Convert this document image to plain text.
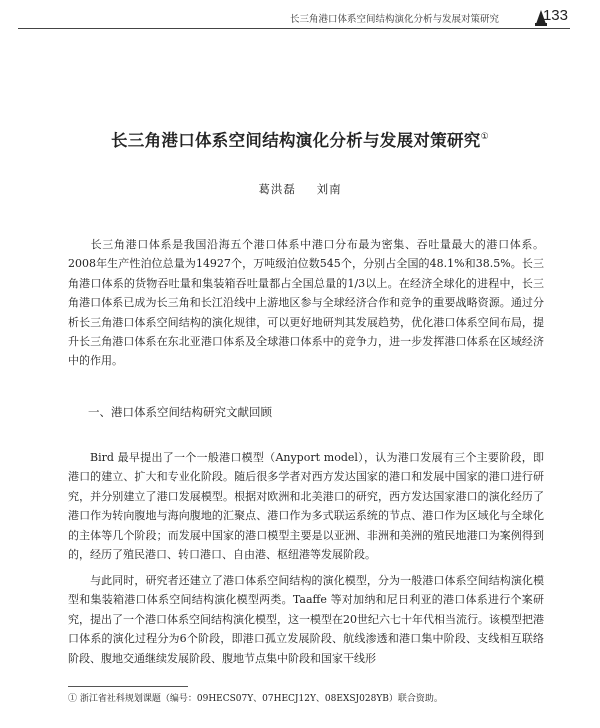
长三角港口体系空间结构演化分析与发展对策研究	133
长三角港口体系空间结构演化分析与发展对策研究①
葛洪磊 刘南

长三角港口体系是我国沿海五个港口体系中港口分布最为密集、吞吐量最大的港口体系。2008年生产性泊位总量为14927个，万吨级泊位数545个，分别占全国的48.1%和38.5%。长三角港口体系的货物吞吐量和集装箱吞吐量都占全国总量的1/3以上。在经济全球化的进程中，长三角港口体系已成为长三角和长江沿线中上游地区参与全球经济合作和竞争的重要战略资源。通过分析长三角港口体系空间结构的演化规律，可以更好地研判其发展趋势，优化港口体系空间布局，提升长三角港口体系在东北亚港口体系及全球港口体系中的竞争力，进一步发挥港口体系在区域经济中的作用。

一、港口体系空间结构研究文献回顾

Bird 最早提出了一个一般港口模型（Anyport model），认为港口发展有三个主要阶段，即港口的建立、扩大和专业化阶段。随后很多学者对西方发达国家的港口和发展中国家的港口进行研究，并分别建立了港口发展模型。根据对欧洲和北美港口的研究，西方发达国家港口的演化经历了港口作为转向腹地与海向腹地的汇聚点、港口作为多式联运系统的节点、港口作为区域化与全球化的主体等几个阶段；而发展中国家的港口模型主要是以亚洲、非洲和美洲的殖民地港口为案例得到的，经历了殖民港口、转口港口、自由港、枢纽港等发展阶段。

与此同时，研究者还建立了港口体系空间结构的演化模型，分为一般港口体系空间结构演化模型和集装箱港口体系空间结构演化模型两类。Taaffe 等对加纳和尼日利亚的港口体系进行个案研究，提出了一个港口体系空间结构演化模型，这一模型在20世纪六七十年代相当流行。该模型把港口体系的演化过程分为6个阶段，即港口孤立发展阶段、航线渗透和港口集中阶段、支线相互联络阶段、腹地交通继续发展阶段、腹地节点集中阶段和国家干线形

① 浙江省社科规划课题（编号：09HECS07Y、07HECJ12Y、08EXSJ028YB）联合资助。
